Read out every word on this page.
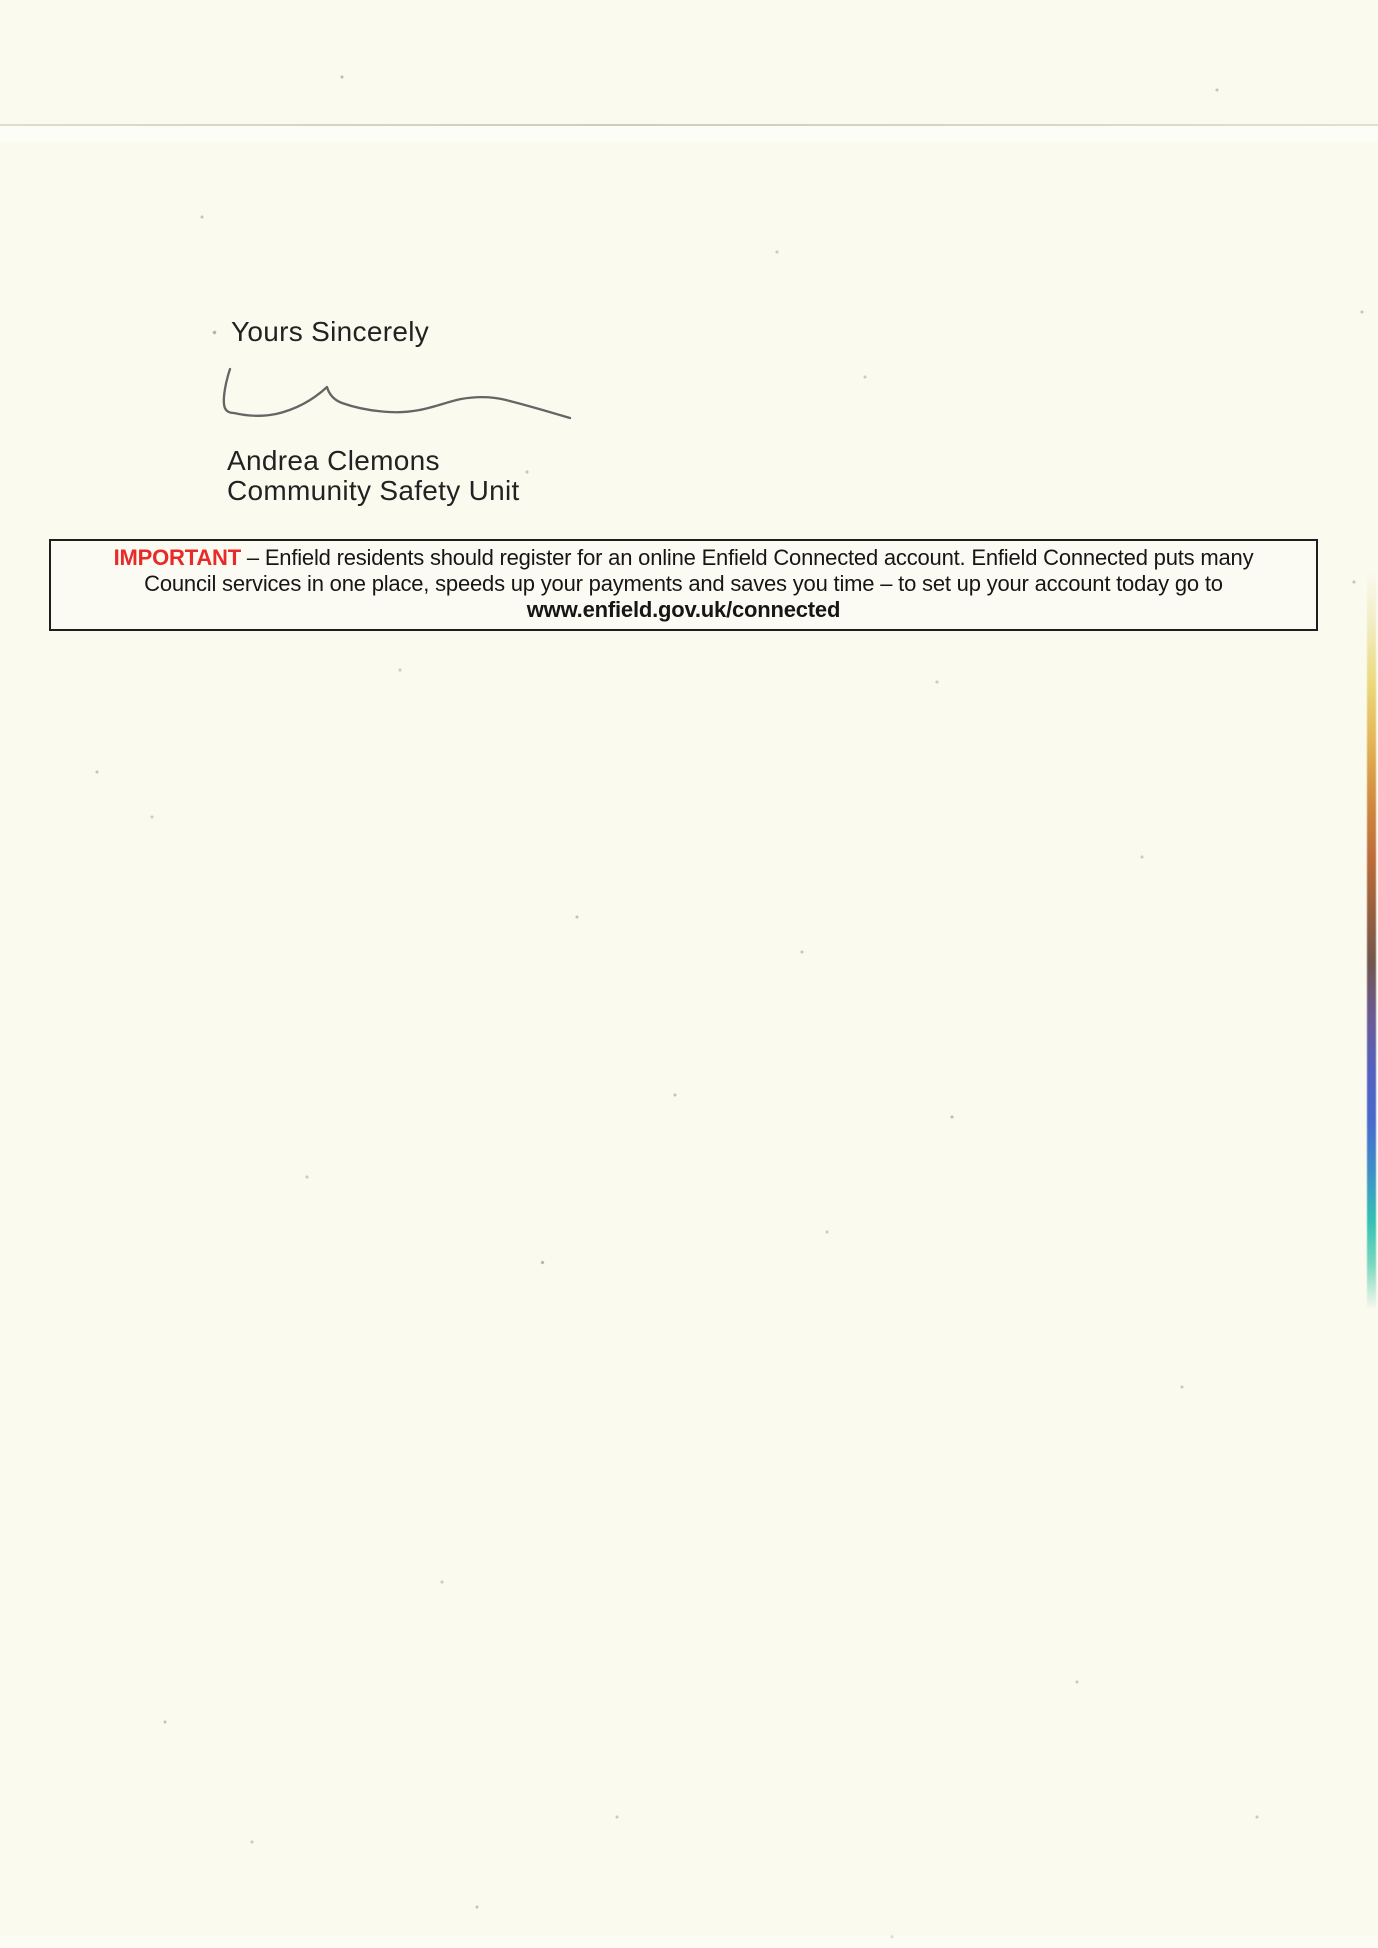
Yours Sincerely

Andrea Clemons

Community Safety Unit

IMPORTANT – Enfield residents should register for an online Enfield Connected account. Enfield Connected puts many

Council services in one place, speeds up your payments and saves you time – to set up your account today go to

www.enfield.gov.uk/connected
